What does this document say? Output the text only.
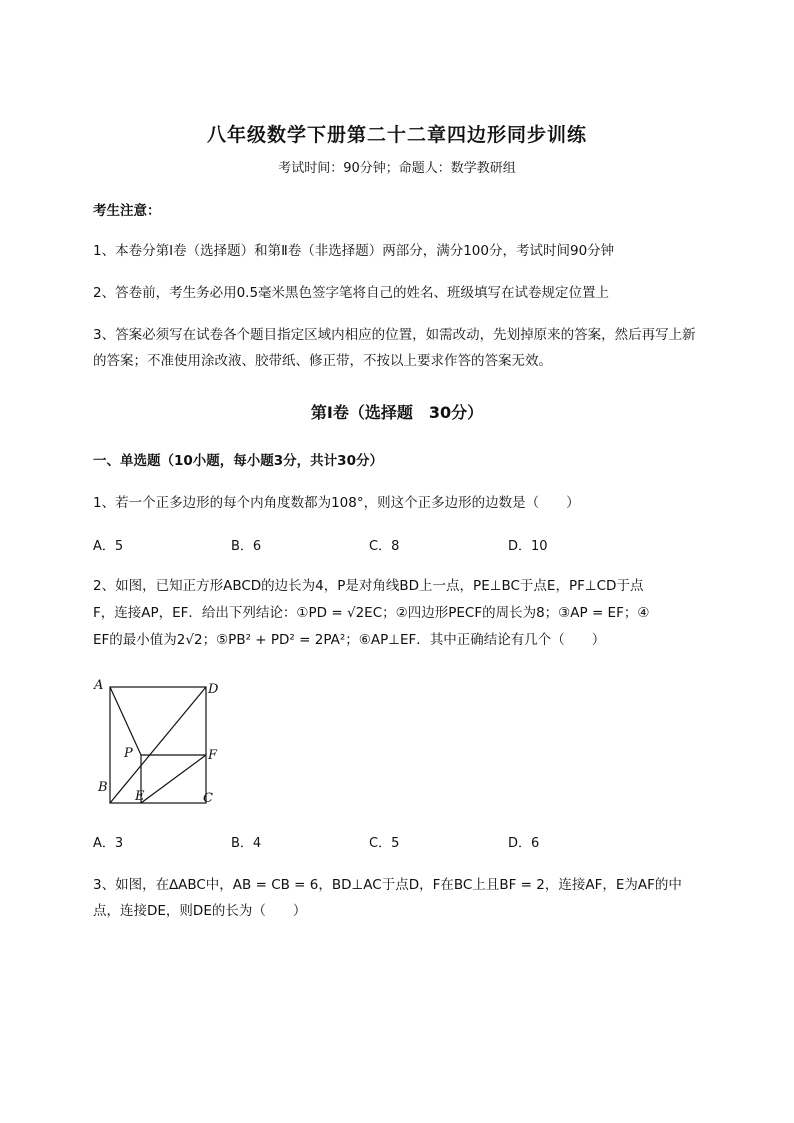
八年级数学下册第二十二章四边形同步训练
考试时间：90分钟；命题人：数学教研组
考生注意：
1、本卷分第Ⅰ卷（选择题）和第Ⅱ卷（非选择题）两部分，满分100分，考试时间90分钟
2、答卷前，考生务必用0.5毫米黑色签字笔将自己的姓名、班级填写在试卷规定位置上
3、答案必须写在试卷各个题目指定区域内相应的位置，如需改动，先划掉原来的答案，然后再写上新
的答案；不准使用涂改液、胶带纸、修正带，不按以上要求作答的答案无效。
第Ⅰ卷（选择题　30分）
一、单选题（10小题，每小题3分，共计30分）
1、若一个正多边形的每个内角度数都为108°，则这个正多边形的边数是（　　）
A．5	B．6	C．8	D．10
2、如图，已知正方形ABCD的边长为4，P是对角线BD上一点，PE⊥BC于点E，PF⊥CD于点
F，连接AP，EF．给出下列结论：①PD = √2EC；②四边形PECF的周长为8；③AP = EF；④
EF的最小值为2√2；⑤PB² + PD² = 2PA²；⑥AP⊥EF．其中正确结论有几个（　　）
A	D
P	F
B
E	C
A．3	B．4	C．5	D．6
3、如图，在∆ABC中，AB = CB = 6，BD⊥AC于点D，F在BC上且BF = 2，连接AF，E为AF的中
点，连接DE，则DE的长为（　　）
